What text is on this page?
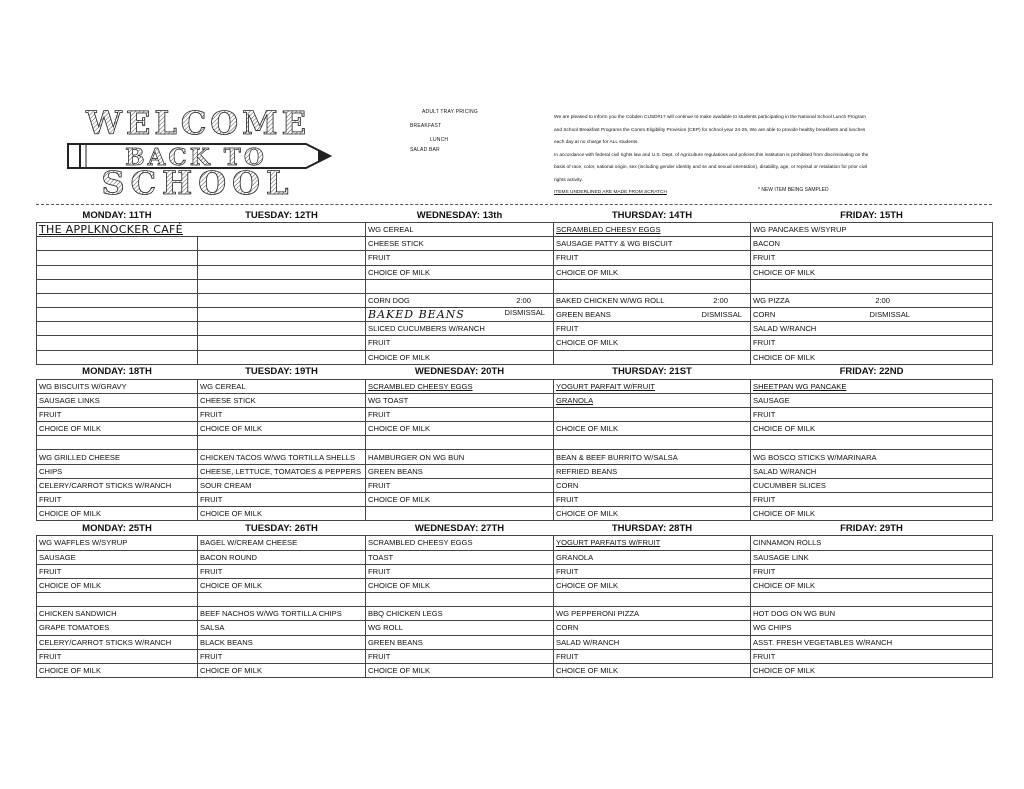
WELCOME
BACK TO
SCHOOL
ADULT TRAY PRICING
BREAKFAST
LUNCH
SALAD BAR

We are pleased to inform you the Cobden CUSD#17 will continue to make available to students participating in the National School Lunch Program

and School Breakfast Programs the Comm.Eligibility Provision (CEP) for school year 24-25. We are able to provide healthy breakfasts and lunches

each day at no charge for ALL students.

In accordance with federal civil rights law and U.S. Dept. of Agriculture regulations and policies,this institution is prohibited from discriminating on the

basis of race, color, national origin, sex (including gender identity and se and sexual orientation), disability, age, or reprisal or retaliation for prior civil

rights activity.

ITEMS UNDERLINED ARE MADE FROM SCRATCH	* NEW ITEM BEING SAMPLED
MONDAY: 11TH	TUESDAY: 12TH	WEDNESDAY: 13th	THURSDAY: 14TH	FRIDAY: 15TH
THE APPLKNOCKER CAFÉ		WG CEREAL	SCRAMBLED CHEESY EGGS	WG PANCAKES W/SYRUP
		CHEESE STICK	SAUSAGE PATTY & WG BISCUIT	BACON
		FRUIT	FRUIT	FRUIT
		CHOICE OF MILK	CHOICE OF MILK	CHOICE OF MILK

		CORN DOG 2:00	BAKED CHICKEN W/WG ROLL 2:00	WG PIZZA 2:00

		BAKED BEANS DISMISSAL	GREEN BEANS DISMISSAL	CORN DISMISSAL

		SLICED CUCUMBERS W/RANCH	FRUIT	SALAD W/RANCH
		FRUIT	CHOICE OF MILK	FRUIT
		CHOICE OF MILK		CHOICE OF MILK
MONDAY: 18TH	TUESDAY: 19TH	WEDNESDAY: 20TH	THURSDAY: 21ST	FRIDAY: 22ND
WG BISCUITS W/GRAVY	WG CEREAL	SCRAMBLED CHEESY EGGS	YOGURT PARFAIT W/FRUIT	SHEETPAN WG PANCAKE
SAUSAGE LINKS	CHEESE STICK	WG TOAST	GRANOLA	SAUSAGE
FRUIT	FRUIT	FRUIT		FRUIT
CHOICE OF MILK	CHOICE OF MILK	CHOICE OF MILK	CHOICE OF MILK	CHOICE OF MILK

WG GRILLED CHEESE	CHICKEN TACOS W/WG TORTILLA SHELLS	HAMBURGER ON WG BUN	BEAN & BEEF BURRITO W/SALSA	WG BOSCO STICKS W/MARINARA
CHIPS	CHEESE, LETTUCE, TOMATOES & PEPPERS	GREEN BEANS	REFRIED BEANS	SALAD W/RANCH
CELERY/CARROT STICKS W/RANCH	SOUR CREAM	FRUIT	CORN	CUCUMBER SLICES
FRUIT	FRUIT	CHOICE OF MILK	FRUIT	FRUIT
CHOICE OF MILK	CHOICE OF MILK		CHOICE OF MILK	CHOICE OF MILK
MONDAY: 25TH	TUESDAY: 26TH	WEDNESDAY: 27TH	THURSDAY: 28TH	FRIDAY: 29TH
WG WAFFLES W/SYRUP	BAGEL W/CREAM CHEESE	SCRAMBLED CHEESY EGGS	YOGURT PARFAITS W/FRUIT	CINNAMON ROLLS
SAUSAGE	BACON ROUND	TOAST	GRANOLA	SAUSAGE LINK
FRUIT	FRUIT	FRUIT	FRUIT	FRUIT
CHOICE OF MILK	CHOICE OF MILK	CHOICE OF MILK	CHOICE OF MILK	CHOICE OF MILK

CHICKEN SANDWICH	BEEF NACHOS W/WG TORTILLA CHIPS	BBQ CHICKEN LEGS	WG PEPPERONI PIZZA	HOT DOG ON WG BUN
GRAPE TOMATOES	SALSA	WG ROLL	CORN	WG CHIPS
CELERY/CARROT STICKS W/RANCH	BLACK BEANS	GREEN BEANS	SALAD W/RANCH	ASST. FRESH VEGETABLES W/RANCH
FRUIT	FRUIT	FRUIT	FRUIT	FRUIT
CHOICE OF MILK	CHOICE OF MILK	CHOICE OF MILK	CHOICE OF MILK	CHOICE OF MILK
